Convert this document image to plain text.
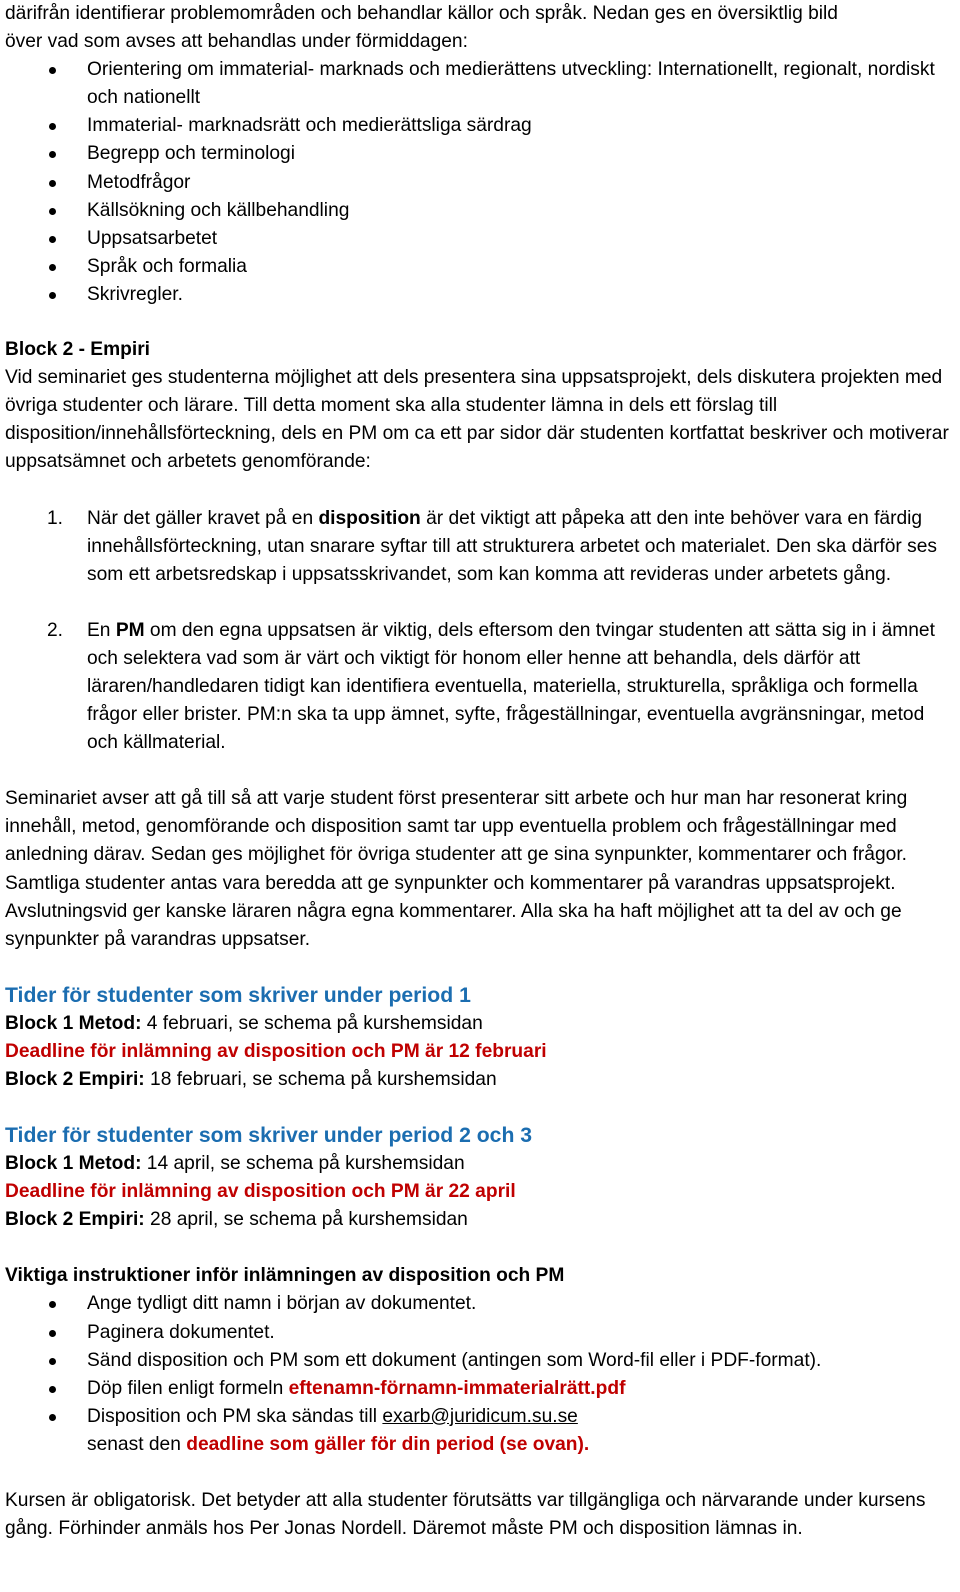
därifrån identifierar problemområden och behandlar källor och språk. Nedan ges en översiktlig bild

över vad som avses att behandlas under förmiddagen:

Orientering om immaterial- marknads och medierättens utveckling: Internationellt, regionalt, nordiskt och nationellt
Immaterial- marknadsrätt och medierättsliga särdrag
Begrepp och terminologi
Metodfrågor
Källsökning och källbehandling
Uppsatsarbetet
Språk och formalia
Skrivregler.

Block 2 - Empiri

Vid seminariet ges studenterna möjlighet att dels presentera sina uppsatsprojekt, dels diskutera projekten med övriga studenter och lärare. Till detta moment ska alla studenter lämna in dels ett förslag till disposition/innehållsförteckning, dels en PM om ca ett par sidor där studenten kortfattat beskriver och motiverar uppsatsämnet och arbetets genomförande:

1. När det gäller kravet på en disposition är det viktigt att påpeka att den inte behöver vara en färdig innehållsförteckning, utan snarare syftar till att strukturera arbetet och materialet. Den ska därför ses som ett arbetsredskap i uppsatsskrivandet, som kan komma att revideras under arbetets gång.
2. En PM om den egna uppsatsen är viktig, dels eftersom den tvingar studenten att sätta sig in i ämnet och selektera vad som är värt och viktigt för honom eller henne att behandla, dels därför att läraren/handledaren tidigt kan identifiera eventuella, materiella, strukturella, språkliga och formella frågor eller brister. PM:n ska ta upp ämnet, syfte, frågeställningar, eventuella avgränsningar, metod och källmaterial.

Seminariet avser att gå till så att varje student först presenterar sitt arbete och hur man har resonerat kring innehåll, metod, genomförande och disposition samt tar upp eventuella problem och frågeställningar med anledning därav. Sedan ges möjlighet för övriga studenter att ge sina synpunkter, kommentarer och frågor. Samtliga studenter antas vara beredda att ge synpunkter och kommentarer på varandras uppsatsprojekt. Avslutningsvid ger kanske läraren några egna kommentarer. Alla ska ha haft möjlighet att ta del av och ge synpunkter på varandras uppsatser.

Tider för studenter som skriver under period 1

Block 1 Metod: 4 februari, se schema på kurshemsidan

Deadline för inlämning av disposition och PM är 12 februari

Block 2 Empiri: 18 februari, se schema på kurshemsidan

Tider för studenter som skriver under period 2 och 3

Block 1 Metod: 14 april, se schema på kurshemsidan

Deadline för inlämning av disposition och PM är 22 april

Block 2 Empiri: 28 april, se schema på kurshemsidan

Viktiga instruktioner inför inlämningen av disposition och PM

Ange tydligt ditt namn i början av dokumentet.
Paginera dokumentet.
Sänd disposition och PM som ett dokument (antingen som Word-fil eller i PDF-format).
Döp filen enligt formeln eftenamn-förnamn-immaterialrätt.pdf
Disposition och PM ska sändas till exarb@juridicum.su.se
senast den deadline som gäller för din period (se ovan).

Kursen är obligatorisk. Det betyder att alla studenter förutsätts var tillgängliga och närvarande under kursens gång. Förhinder anmäls hos Per Jonas Nordell. Däremot måste PM och disposition lämnas in.
